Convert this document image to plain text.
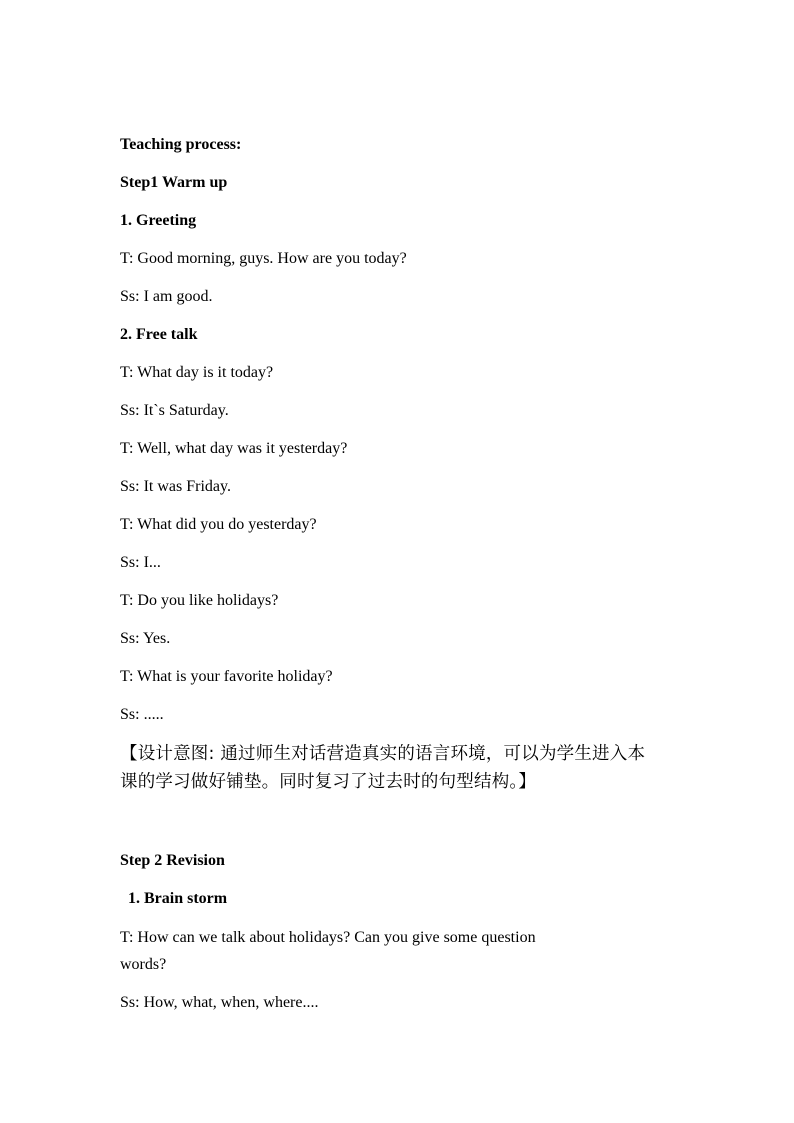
Teaching process:
Step1 Warm up
1. Greeting
T: Good morning, guys. How are you today?
Ss: I am good.
2. Free talk
T: What day is it today?
Ss: It`s Saturday.
T: Well, what day was it yesterday?
Ss: It was Friday.
T: What did you do yesterday?
Ss: I...
T: Do you like holidays?
Ss: Yes.
T: What is your favorite holiday?
Ss: .....
【设计意图: 通过师生对话营造真实的语言环境，可以为学生进入本
课的学习做好铺垫。同时复习了过去时的句型结构。】
Step 2 Revision
1. Brain storm
T: How can we talk about holidays? Can you give some question
words?
Ss: How, what, when, where....
